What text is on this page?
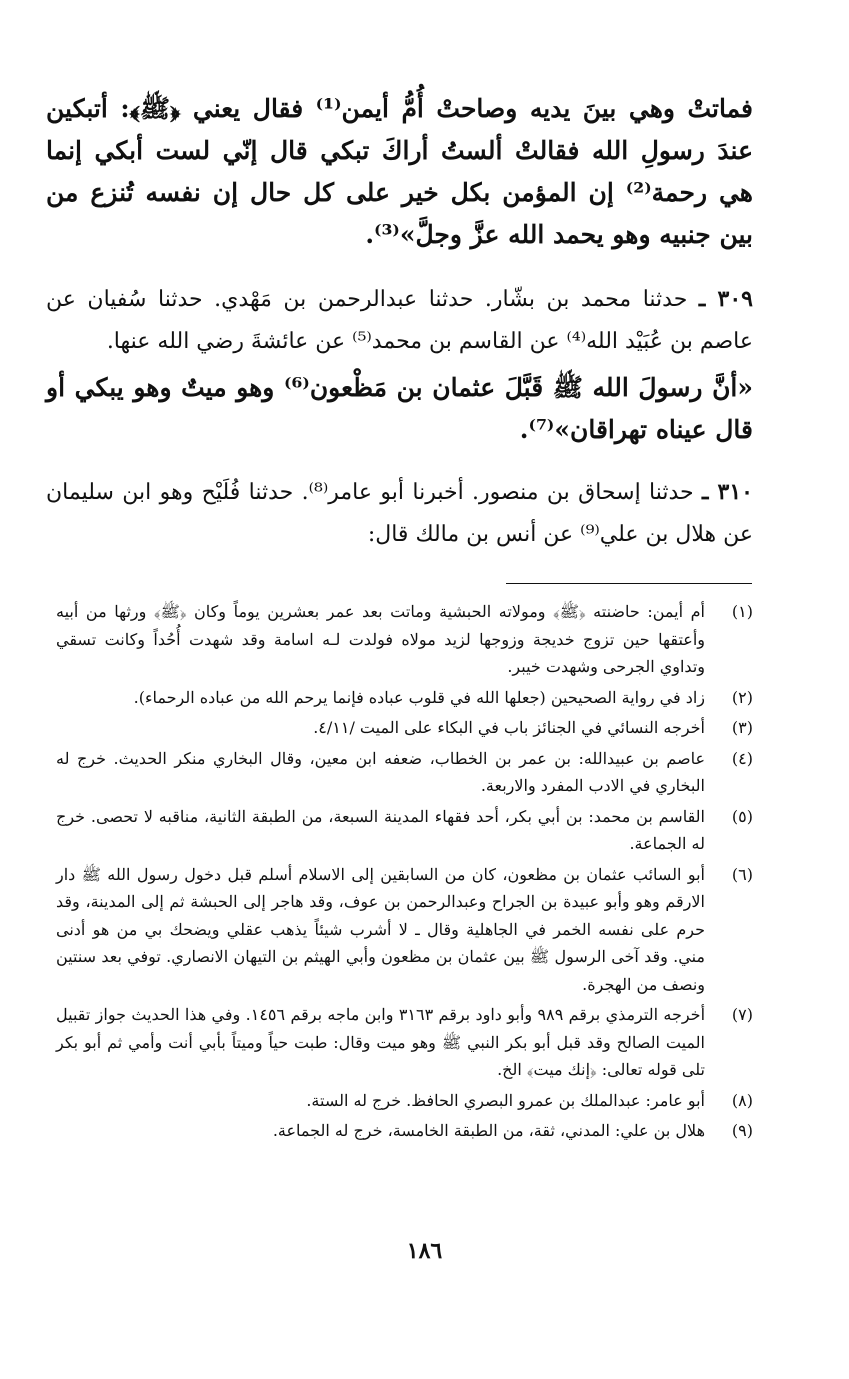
فماتتْ وهي بينَ يديه وصاحتْ أُمُّ أيمن⁽¹⁾ فقال يعني ﴿ﷺ﴾: أتبكين عندَ رسولِ الله فقالتْ ألستُ أراكَ تبكي قال إنّي لست أبكي إنما هي رحمة⁽²⁾ إن المؤمن بكل خير على كل حال إن نفسه تُنزع من بين جنبيه وهو يحمد الله عزَّ وجلَّ»⁽³⁾.

٣٠٩ ـ حدثنا محمد بن بشّار. حدثنا عبدالرحمن بن مَهْدي. حدثنا سُفيان عن عاصم بن عُبَيْد الله⁽⁴⁾ عن القاسم بن محمد⁽⁵⁾ عن عائشةَ رضي الله عنها.

«أنَّ رسولَ الله ﷺ قَبَّلَ عثمان بن مَظْعون⁽⁶⁾ وهو ميتٌ وهو يبكي أو قال عيناه تهراقان»⁽⁷⁾.

٣١٠ ـ حدثنا إسحاق بن منصور. أخبرنا أبو عامر⁽⁸⁾. حدثنا فُلَيْح وهو ابن سليمان عن هلال بن علي⁽⁹⁾ عن أنس بن مالك قال:

(١)
أم أيمن: حاضنته ﴿ﷺ﴾ ومولاته الحبشية وماتت بعد عمر بعشرين يوماً وكان ﴿ﷺ﴾ ورثها من أبيه وأعتقها حين تزوج خديجة وزوجها لزيد مولاه فولدت لـه اسامة وقد شهدت أُحُداً وكانت تسقي وتداوي الجرحى وشهدت خيبر.
(٢)
زاد في رواية الصحيحين (جعلها الله في قلوب عباده فإنما يرحم الله من عباده الرحماء).
(٣)
أخرجه النسائي في الجنائز باب في البكاء على الميت /٤/١١.
(٤)
عاصم بن عبيدالله: بن عمر بن الخطاب، ضعفه ابن معين، وقال البخاري منكر الحديث. خرج له البخاري في الادب المفرد والاربعة.
(٥)
القاسم بن محمد: بن أبي بكر، أحد فقهاء المدينة السبعة، من الطبقة الثانية، مناقبه لا تحصى. خرج له الجماعة.
(٦)
أبو السائب عثمان بن مظعون، كان من السابقين إلى الاسلام أسلم قبل دخول رسول الله ﷺ دار الارقم وهو وأبو عبيدة بن الجراح وعبدالرحمن بن عوف، وقد هاجر إلى الحبشة ثم إلى المدينة، وقد حرم على نفسه الخمر في الجاهلية وقال ـ لا أشرب شيئاً يذهب عقلي ويضحك بي من هو أدنى مني. وقد آخى الرسول ﷺ بين عثمان بن مظعون وأبي الهيثم بن التيهان الانصاري. توفي بعد سنتين ونصف من الهجرة.
(٧)
أخرجه الترمذي برقم ٩٨٩ وأبو داود برقم ٣١٦٣ وابن ماجه برقم ١٤٥٦. وفي هذا الحديث جواز تقبيل الميت الصالح وقد قبل أبو بكر النبي ﷺ وهو ميت وقال: طبت حياً وميتاً بأبي أنت وأمي ثم أبو بكر تلى قوله تعالى: ﴿إنك ميت﴾ الخ.
(٨)
أبو عامر: عبدالملك بن عمرو البصري الحافظ. خرج له الستة.
(٩)
هلال بن علي: المدني، ثقة، من الطبقة الخامسة، خرج له الجماعة.
١٨٦
